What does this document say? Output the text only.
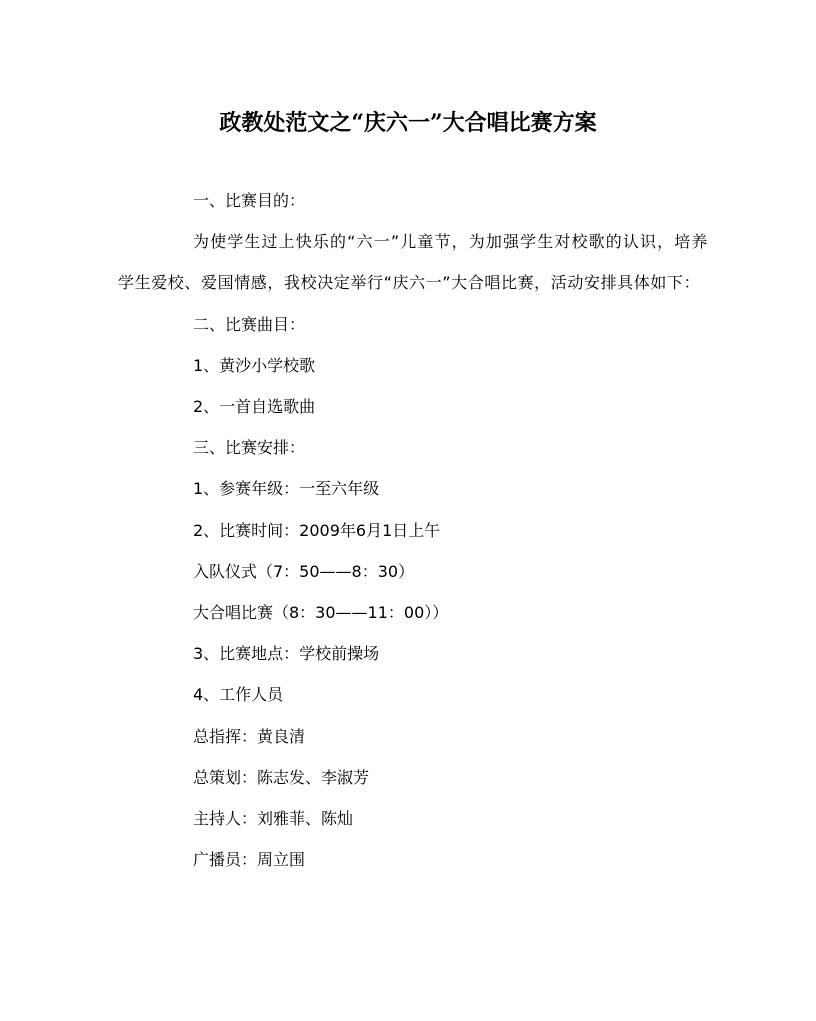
政教处范文之“庆六一”大合唱比赛方案

一、比赛目的：

为使学生过上快乐的“六一”儿童节，为加强学生对校歌的认识，培养学生爱校、爱国情感，我校决定举行“庆六一”大合唱比赛，活动安排具体如下：

二、比赛曲目：

1、黄沙小学校歌

2、一首自选歌曲

三、比赛安排：

1、参赛年级：一至六年级

2、比赛时间：2009年6月1日上午

入队仪式（7：50——8：30）

大合唱比赛（8：30——11：00））

3、比赛地点：学校前操场

4、工作人员

总指挥：黄良清

总策划：陈志发、李淑芳

主持人：刘雅菲、陈灿

广播员：周立围
